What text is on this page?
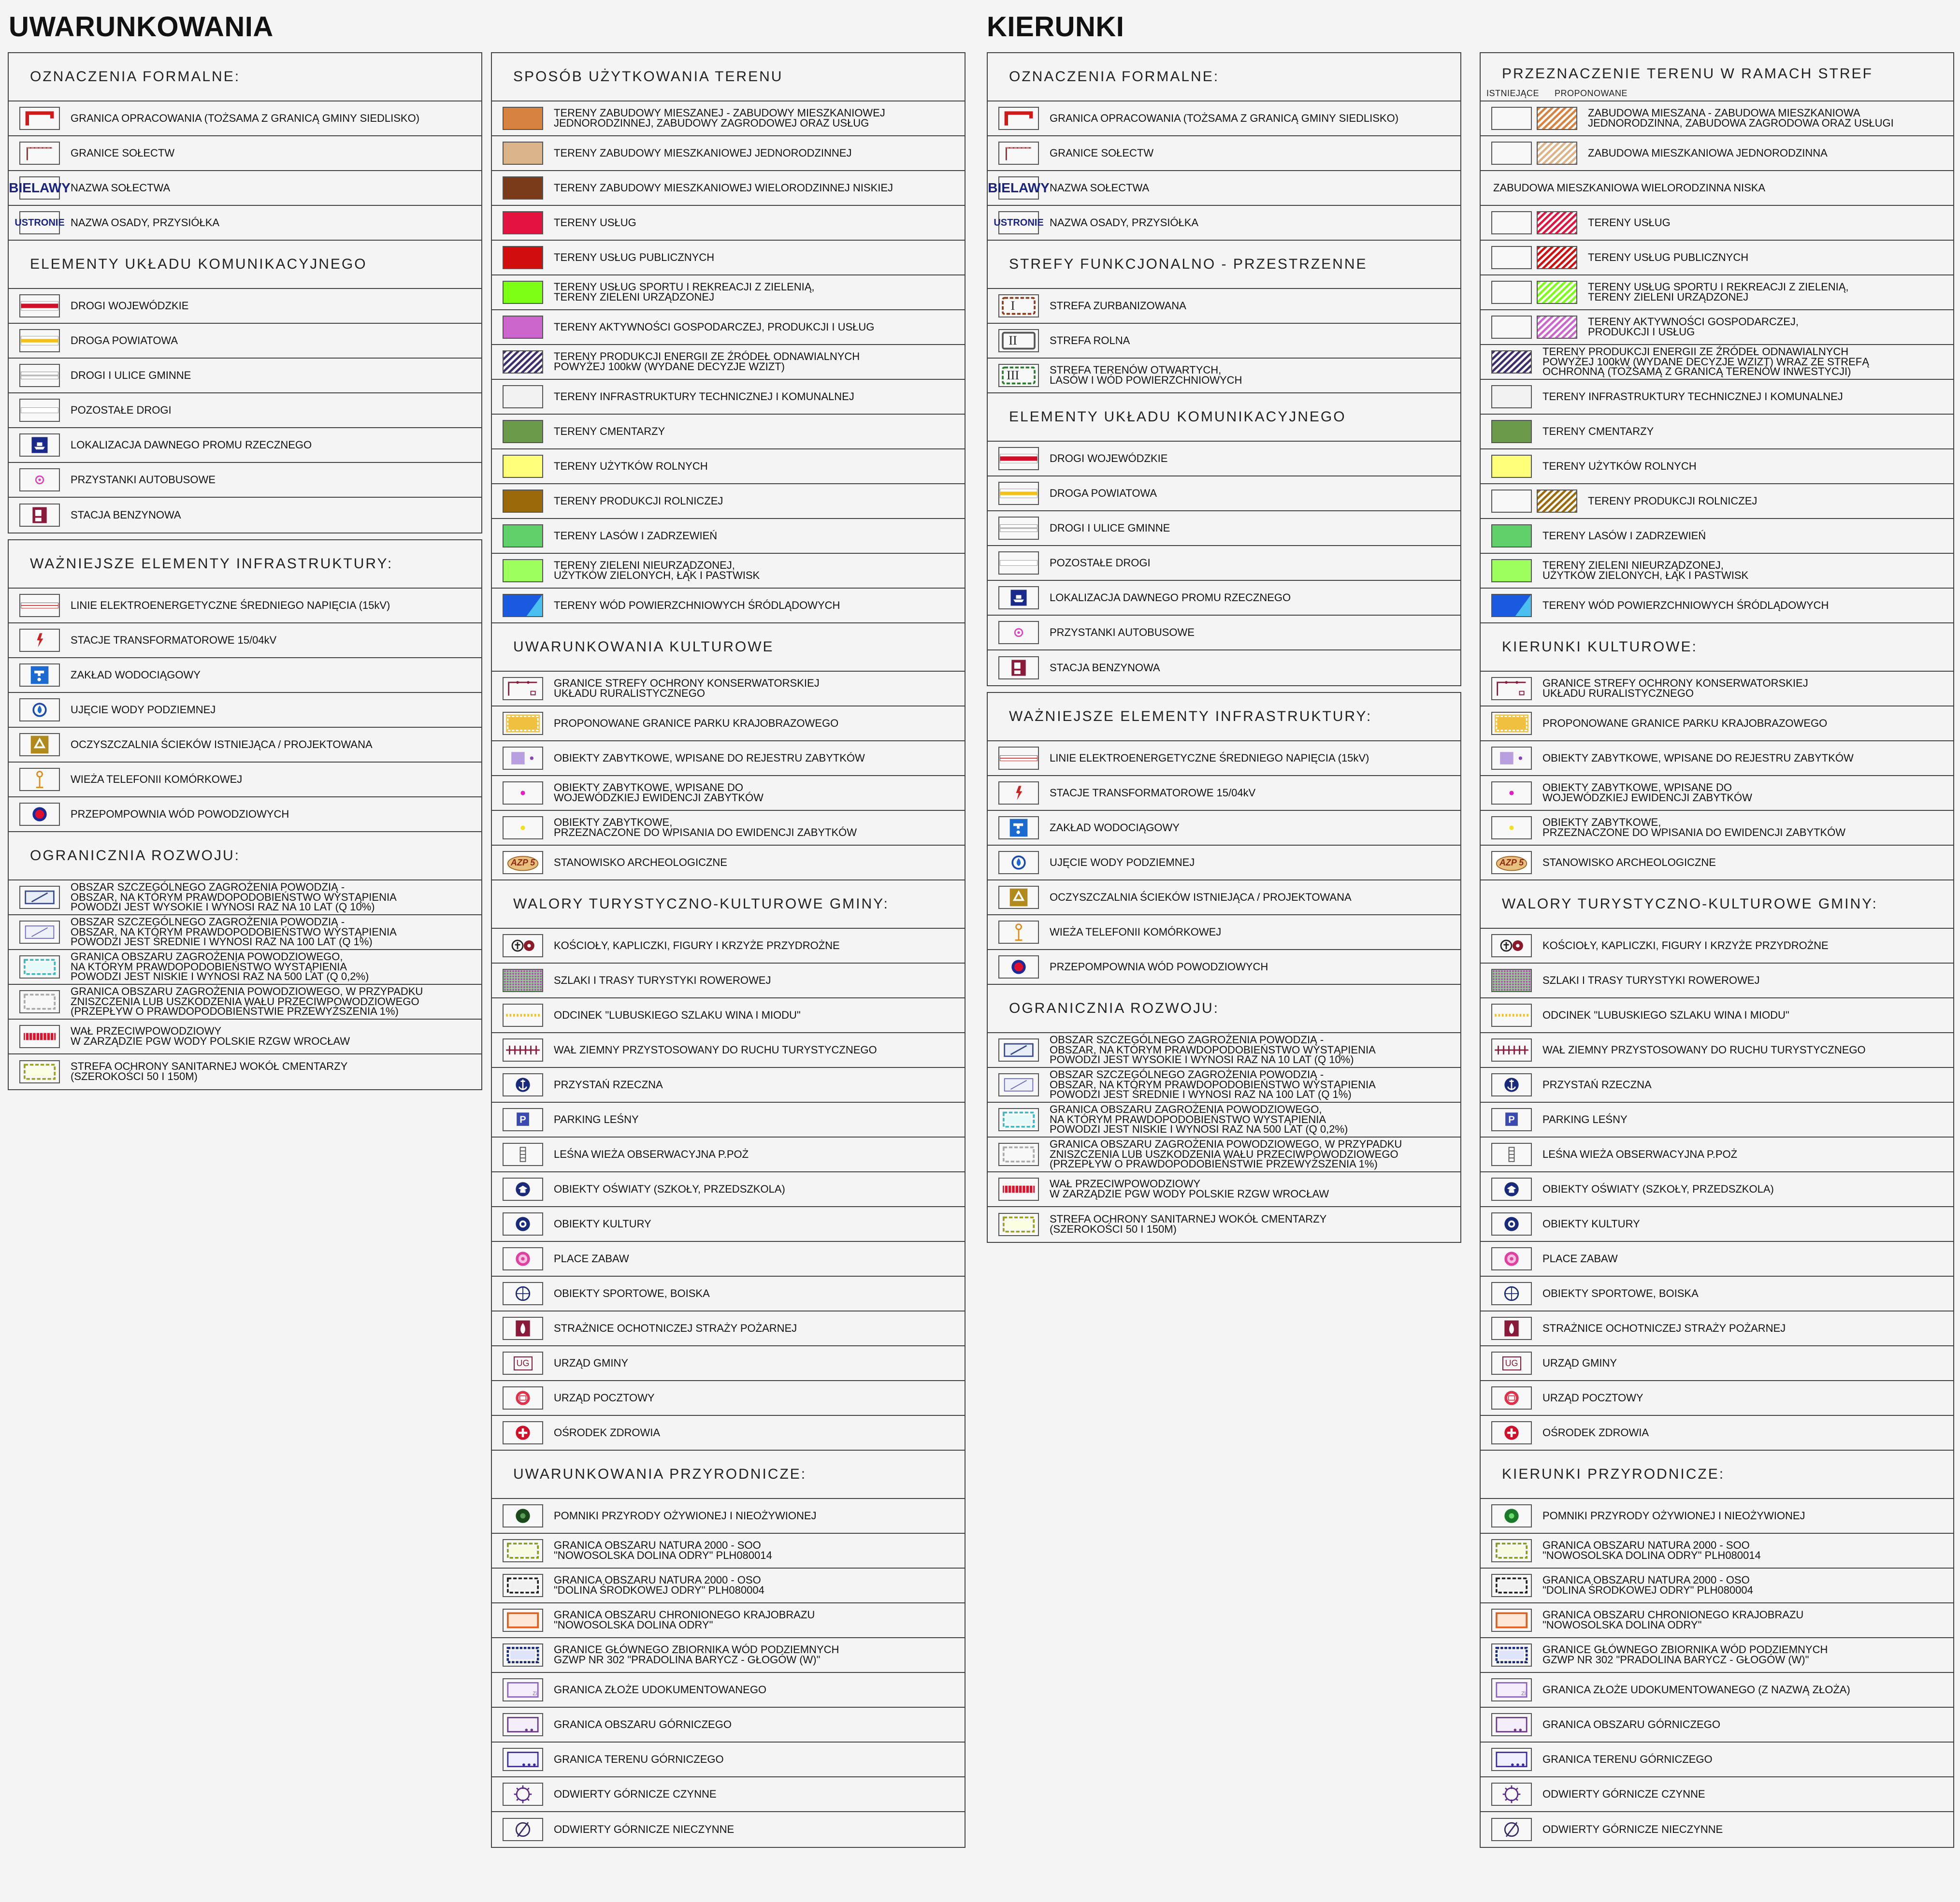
UWARUNKOWANIA	KIERUNKI
OZNACZENIA FORMALNE:
GRANICA OPRACOWANIA (TOŻSAMA Z GRANICĄ GMINY SIEDLISKO)
GRANICE SOŁECTW
BIELAWY NAZWA SOŁECTWA
USTRONIE NAZWA OSADY, PRZYSIÓŁKA
ELEMENTY UKŁADU KOMUNIKACYJNEGO
DROGI WOJEWÓDZKIE
DROGA POWIATOWA
DROGI I ULICE GMINNE
POZOSTAŁE DROGI
LOKALIZACJA DAWNEGO PROMU RZECZNEGO
PRZYSTANKI AUTOBUSOWE
STACJA BENZYNOWA
WAŻNIEJSZE ELEMENTY INFRASTRUKTURY:
LINIE ELEKTROENERGETYCZNE ŚREDNIEGO NAPIĘCIA (15kV)
STACJE TRANSFORMATOROWE 15/04kV
ZAKŁAD WODOCIĄGOWY
UJĘCIE WODY PODZIEMNEJ
OCZYSZCZALNIA ŚCIEKÓW ISTNIEJĄCA / PROJEKTOWANA
WIEŻA TELEFONII KOMÓRKOWEJ
PRZEPOMPOWNIA WÓD POWODZIOWYCH
OGRANICZNIA ROZWOJU:
OBSZAR SZCZEGÓLNEGO ZAGROŻENIA POWODZIĄ -
OBSZAR, NA KTÓRYM PRAWDOPODOBIEŃSTWO WYSTĄPIENIA
POWODZI JEST WYSOKIE I WYNOSI RAZ NA 10 LAT (Q 10%)
OBSZAR SZCZEGÓLNEGO ZAGROŻENIA POWODZIĄ -
OBSZAR, NA KTÓRYM PRAWDOPODOBIEŃSTWO WYSTĄPIENIA
POWODZI JEST ŚREDNIE I WYNOSI RAZ NA 100 LAT (Q 1%)
GRANICA OBSZARU ZAGROŻENIA POWODZIOWEGO,
NA KTÓRYM PRAWDOPODOBIEŃSTWO WYSTĄPIENIA
POWODZI JEST NISKIE I WYNOSI RAZ NA 500 LAT (Q 0,2%)
GRANICA OBSZARU ZAGROŻENIA POWODZIOWEGO, W PRZYPADKU
ZNISZCZENIA LUB USZKODZENIA WAŁU PRZECIWPOWODZIOWEGO
(PRZEPŁYW O PRAWDOPODOBIEŃSTWIE PRZEWYŻSZENIA 1%)
WAŁ PRZECIWPOWODZIOWY
W ZARZĄDZIE PGW WODY POLSKIE RZGW WROCŁAW
STREFA OCHRONY SANITARNEJ WOKÓŁ CMENTARZY
(SZEROKOŚCI 50 I 150M)
SPOSÓB UŻYTKOWANIA TERENU
TERENY ZABUDOWY MIESZANEJ - ZABUDOWY MIESZKANIOWEJ
JEDNORODZINNEJ, ZABUDOWY ZAGRODOWEJ ORAZ USŁUG
TERENY ZABUDOWY MIESZKANIOWEJ JEDNORODZINNEJ
TERENY ZABUDOWY MIESZKANIOWEJ WIELORODZINNEJ NISKIEJ
TERENY USŁUG
TERENY USŁUG PUBLICZNYCH
TERENY USŁUG SPORTU I REKREACJI Z ZIELENIĄ,
TERENY ZIELENI URZĄDZONEJ
TERENY AKTYWNOŚCI GOSPODARCZEJ, PRODUKCJI I USŁUG
TERENY PRODUKCJI ENERGII ZE ŹRÓDEŁ ODNAWIALNYCH
POWYŻEJ 100kW (WYDANE DECYZJE WZIZT)
TERENY INFRASTRUKTURY TECHNICZNEJ I KOMUNALNEJ
TERENY CMENTARZY
TERENY UŻYTKÓW ROLNYCH
TERENY PRODUKCJI ROLNICZEJ
TERENY LASÓW I ZADRZEWIEŃ
TERENY ZIELENI NIEURZĄDZONEJ,
UŻYTKÓW ZIELONYCH, ŁĄK I PASTWISK
TERENY WÓD POWIERZCHNIOWYCH ŚRÓDLĄDOWYCH
UWARUNKOWANIA KULTUROWE
GRANICE STREFY OCHRONY KONSERWATORSKIEJ
UKŁADU RURALISTYCZNEGO
PROPONOWANE GRANICE PARKU KRAJOBRAZOWEGO
OBIEKTY ZABYTKOWE, WPISANE DO REJESTRU ZABYTKÓW
OBIEKTY ZABYTKOWE, WPISANE DO
WOJEWÓDZKIEJ EWIDENCJI ZABYTKÓW
OBIEKTY ZABYTKOWE,
PRZEZNACZONE DO WPISANIA DO EWIDENCJI ZABYTKÓW
AZP 5 STANOWISKO ARCHEOLOGICZNE
WALORY TURYSTYCZNO-KULTUROWE GMINY:
KOŚCIOŁY, KAPLICZKI, FIGURY I KRZYŻE PRZYDROŻNE
SZLAKI I TRASY TURYSTYKI ROWEROWEJ
ODCINEK "LUBUSKIEGO SZLAKU WINA I MIODU"
WAŁ ZIEMNY PRZYSTOSOWANY DO RUCHU TURYSTYCZNEGO
PRZYSTAŃ RZECZNA
P	PARKING LEŚNY
LEŚNA WIEŻA OBSERWACYJNA P.POŻ
OBIEKTY OŚWIATY (SZKOŁY, PRZEDSZKOLA)
OBIEKTY KULTURY
PLACE ZABAW
OBIEKTY SPORTOWE, BOISKA
STRAŻNICE OCHOTNICZEJ STRAŻY POŻARNEJ
UG URZĄD GMINY
URZĄD POCZTOWY
OŚRODEK ZDROWIA
UWARUNKOWANIA PRZYRODNICZE:
POMNIKI PRZYRODY OŻYWIONEJ I NIEOŻYWIONEJ
GRANICA OBSZARU NATURA 2000 - SOO
"NOWOSOLSKA DOLINA ODRY" PLH080014
GRANICA OBSZARU NATURA 2000 - OSO
"DOLINA ŚRODKOWEJ ODRY" PLH080004
GRANICA OBSZARU CHRONIONEGO KRAJOBRAZU
"NOWOSOLSKA DOLINA ODRY"
GRANICE GŁÓWNEGO ZBIORNIKA WÓD PODZIEMNYCH
GZWP NR 302 "PRADOLINA BARYCZ - GŁOGÓW (W)"
Zi GRANICA ZŁOŻE UDOKUMENTOWANEGO
GRANICA OBSZARU GÓRNICZEGO
GRANICA TERENU GÓRNICZEGO
ODWIERTY GÓRNICZE CZYNNE
ODWIERTY GÓRNICZE NIECZYNNE
OZNACZENIA FORMALNE:
GRANICA OPRACOWANIA (TOŻSAMA Z GRANICĄ GMINY SIEDLISKO)
GRANICE SOŁECTW
BIELAWY NAZWA SOŁECTWA
USTRONIE NAZWA OSADY, PRZYSIÓŁKA
STREFY FUNKCJONALNO - PRZESTRZENNE
I	STREFA ZURBANIZOWANA
II	STREFA ROLNA
III	STREFA TERENÓW OTWARTYCH,
LASÓW I WÓD POWIERZCHNIOWYCH
ELEMENTY UKŁADU KOMUNIKACYJNEGO
DROGI WOJEWÓDZKIE
DROGA POWIATOWA
DROGI I ULICE GMINNE
POZOSTAŁE DROGI
LOKALIZACJA DAWNEGO PROMU RZECZNEGO
PRZYSTANKI AUTOBUSOWE
STACJA BENZYNOWA
WAŻNIEJSZE ELEMENTY INFRASTRUKTURY:
LINIE ELEKTROENERGETYCZNE ŚREDNIEGO NAPIĘCIA (15kV)
STACJE TRANSFORMATOROWE 15/04kV
ZAKŁAD WODOCIĄGOWY
UJĘCIE WODY PODZIEMNEJ
OCZYSZCZALNIA ŚCIEKÓW ISTNIEJĄCA / PROJEKTOWANA
WIEŻA TELEFONII KOMÓRKOWEJ
PRZEPOMPOWNIA WÓD POWODZIOWYCH
OGRANICZNIA ROZWOJU:
OBSZAR SZCZEGÓLNEGO ZAGROŻENIA POWODZIĄ -
OBSZAR, NA KTÓRYM PRAWDOPODOBIEŃSTWO WYSTĄPIENIA
POWODZI JEST WYSOKIE I WYNOSI RAZ NA 10 LAT (Q 10%)
OBSZAR SZCZEGÓLNEGO ZAGROŻENIA POWODZIĄ -
OBSZAR, NA KTÓRYM PRAWDOPODOBIEŃSTWO WYSTĄPIENIA
POWODZI JEST ŚREDNIE I WYNOSI RAZ NA 100 LAT (Q 1%)
GRANICA OBSZARU ZAGROŻENIA POWODZIOWEGO,
NA KTÓRYM PRAWDOPODOBIEŃSTWO WYSTĄPIENIA
POWODZI JEST NISKIE I WYNOSI RAZ NA 500 LAT (Q 0,2%)
GRANICA OBSZARU ZAGROŻENIA POWODZIOWEGO, W PRZYPADKU
ZNISZCZENIA LUB USZKODZENIA WAŁU PRZECIWPOWODZIOWEGO
(PRZEPŁYW O PRAWDOPODOBIEŃSTWIE PRZEWYŻSZENIA 1%)
WAŁ PRZECIWPOWODZIOWY
W ZARZĄDZIE PGW WODY POLSKIE RZGW WROCŁAW
STREFA OCHRONY SANITARNEJ WOKÓŁ CMENTARZY
(SZEROKOŚCI 50 I 150M)
PRZEZNACZENIE TERENU W RAMACH STREF
ISTNIEJĄCE PROPONOWANE
ZABUDOWA MIESZANA - ZABUDOWA MIESZKANIOWA
JEDNORODZINNA, ZABUDOWA ZAGRODOWA ORAZ USŁUGI
ZABUDOWA MIESZKANIOWA JEDNORODZINNA
ZABUDOWA MIESZKANIOWA WIELORODZINNA NISKA
TERENY USŁUG
TERENY USŁUG PUBLICZNYCH
TERENY USŁUG SPORTU I REKREACJI Z ZIELENIĄ,
TERENY ZIELENI URZĄDZONEJ
TERENY AKTYWNOŚCI GOSPODARCZEJ,
PRODUKCJI I USŁUG
TERENY PRODUKCJI ENERGII ZE ŹRÓDEŁ ODNAWIALNYCH
POWYŻEJ 100kW (WYDANE DECYZJE WZIZT) WRAZ ZE STREFĄ
OCHRONNĄ (TOŻSAMĄ Z GRANICĄ TERENÓW INWESTYCJI)
TERENY INFRASTRUKTURY TECHNICZNEJ I KOMUNALNEJ
TERENY CMENTARZY
TERENY UŻYTKÓW ROLNYCH
TERENY PRODUKCJI ROLNICZEJ
TERENY LASÓW I ZADRZEWIEŃ
TERENY ZIELENI NIEURZĄDZONEJ,
UŻYTKÓW ZIELONYCH, ŁĄK I PASTWISK
TERENY WÓD POWIERZCHNIOWYCH ŚRÓDLĄDOWYCH
KIERUNKI KULTUROWE:
GRANICE STREFY OCHRONY KONSERWATORSKIEJ
UKŁADU RURALISTYCZNEGO
PROPONOWANE GRANICE PARKU KRAJOBRAZOWEGO
OBIEKTY ZABYTKOWE, WPISANE DO REJESTRU ZABYTKÓW
OBIEKTY ZABYTKOWE, WPISANE DO
WOJEWÓDZKIEJ EWIDENCJI ZABYTKÓW
OBIEKTY ZABYTKOWE,
PRZEZNACZONE DO WPISANIA DO EWIDENCJI ZABYTKÓW
AZP 5 STANOWISKO ARCHEOLOGICZNE
WALORY TURYSTYCZNO-KULTUROWE GMINY:
KOŚCIOŁY, KAPLICZKI, FIGURY I KRZYŻE PRZYDROŻNE
SZLAKI I TRASY TURYSTYKI ROWEROWEJ
ODCINEK "LUBUSKIEGO SZLAKU WINA I MIODU"
WAŁ ZIEMNY PRZYSTOSOWANY DO RUCHU TURYSTYCZNEGO
PRZYSTAŃ RZECZNA
P	PARKING LEŚNY
LEŚNA WIEŻA OBSERWACYJNA P.POŻ
OBIEKTY OŚWIATY (SZKOŁY, PRZEDSZKOLA)
OBIEKTY KULTURY
PLACE ZABAW
OBIEKTY SPORTOWE, BOISKA
STRAŻNICE OCHOTNICZEJ STRAŻY POŻARNEJ
UG URZĄD GMINY
URZĄD POCZTOWY
OŚRODEK ZDROWIA
KIERUNKI PRZYRODNICZE:
POMNIKI PRZYRODY OŻYWIONEJ I NIEOŻYWIONEJ
GRANICA OBSZARU NATURA 2000 - SOO
"NOWOSOLSKA DOLINA ODRY" PLH080014
GRANICA OBSZARU NATURA 2000 - OSO
"DOLINA ŚRODKOWEJ ODRY" PLH080004
GRANICA OBSZARU CHRONIONEGO KRAJOBRAZU
"NOWOSOLSKA DOLINA ODRY"
GRANICE GŁÓWNEGO ZBIORNIKA WÓD PODZIEMNYCH
GZWP NR 302 "PRADOLINA BARYCZ - GŁOGÓW (W)"
Zi GRANICA ZŁOŻE UDOKUMENTOWANEGO (Z NAZWĄ ZŁOŻA)
GRANICA OBSZARU GÓRNICZEGO
GRANICA TERENU GÓRNICZEGO
ODWIERTY GÓRNICZE CZYNNE
ODWIERTY GÓRNICZE NIECZYNNE
